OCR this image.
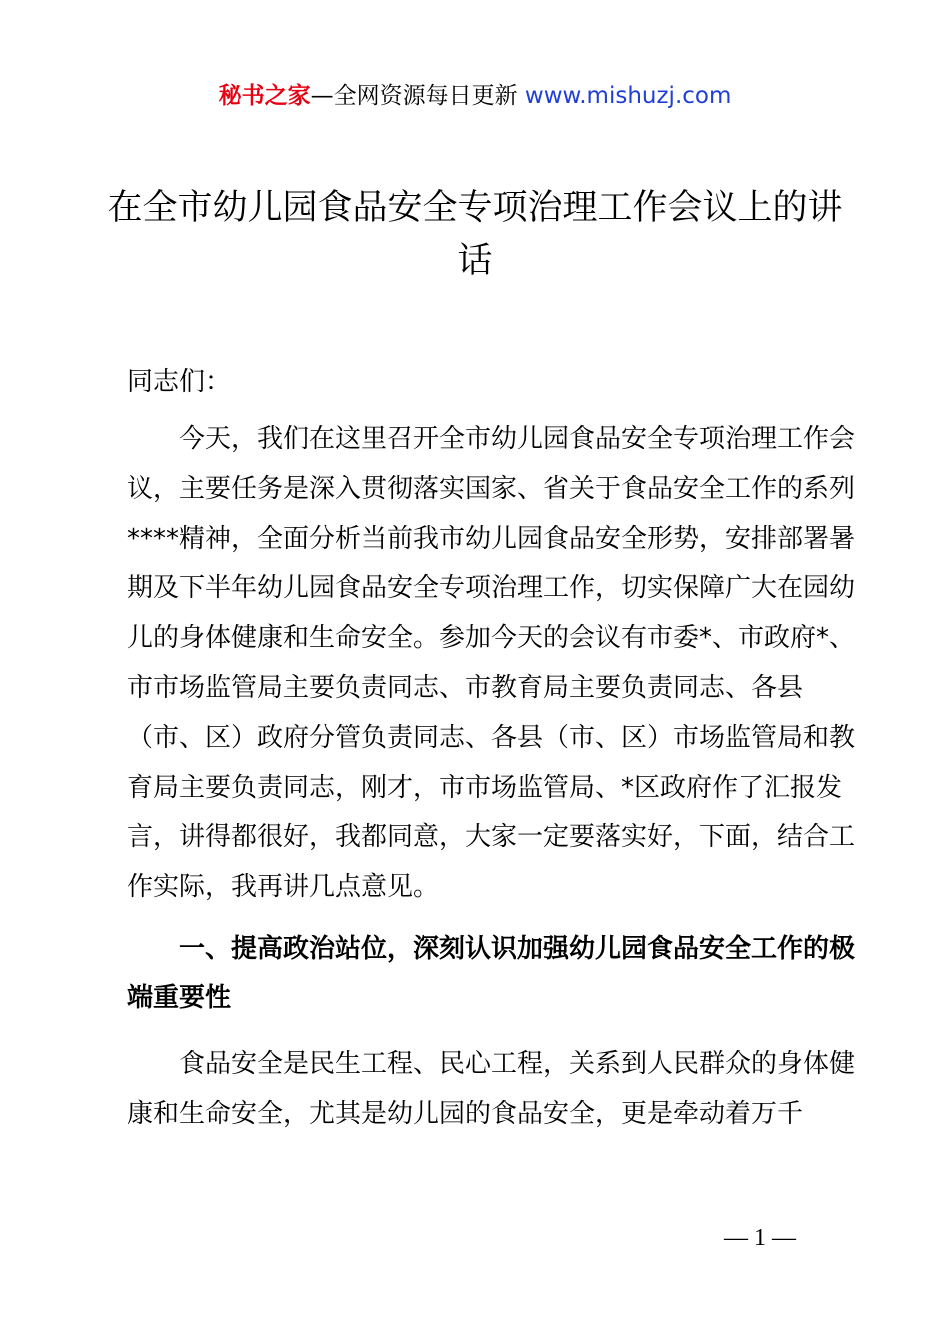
秘书之家—全网资源每日更新 www.mishuzj.com
在全市幼儿园食品安全专项治理工作会议上的讲话

同志们：

今天，我们在这里召开全市幼儿园食品安全专项治理工作会议，主要任务是深入贯彻落实国家、省关于食品安全工作的系列****精神，全面分析当前我市幼儿园食品安全形势，安排部署暑期及下半年幼儿园食品安全专项治理工作，切实保障广大在园幼儿的身体健康和生命安全。参加今天的会议有市委*、市政府*、市市场监管局主要负责同志、市教育局主要负责同志、各县（市、区）政府分管负责同志、各县（市、区）市场监管局和教育局主要负责同志，刚才，市市场监管局、*区政府作了汇报发言，讲得都很好，我都同意，大家一定要落实好，下面，结合工作实际，我再讲几点意见。

一、提高政治站位，深刻认识加强幼儿园食品安全工作的极端重要性

食品安全是民生工程、民心工程，关系到人民群众的身体健康和生命安全，尤其是幼儿园的食品安全，更是牵动着万千

— 1 —
